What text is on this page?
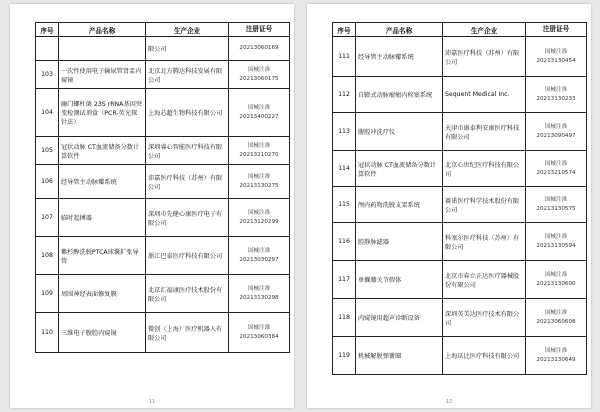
序号	产品名称	生产企业	注册证号
		限公司	20213060169

103	一次性使用电子输尿管肾盂内窥镜	北京北方腾达科技发展有限公司	国械注准
20213060175

104	幽门螺杆菌 23S rRNA基因突变检测试剂盒（PCR-荧光探针法）	上海芯超生物科技有限公司	国械注准
20213400227

105	冠状动脉 CT血流储备分数计算软件	深圳睿心智能医疗科技有限公司	国械注准
20213210270

106	经导管主动脉瓣系统	沛嘉医疗科技（苏州）有限公司	国械注准
20213130275

107	临时起搏器	深圳市先健心康医疗电子有限公司	国械注准
20213120299

108	紫杉醇洗脱PTCA球囊扩张导管	浙江巴泰医疗科技有限公司	国械注准
20213030297

109	周围神经表面修复膜	北京汇福康医疗技术股份有限公司	国械注准
20213130298

110	三维电子腹腔内窥镜	微创（上海）医疗机器人有限公司	国械注准
20213060384
11
序号	产品名称	生产企业	注册证号
111	经导管主动脉瓣系统	沛嘉医疗科技（苏州）有限公司	国械注准
20213130454

112	自膨式动脉瘤瘤内栓塞系统	Sequent Medical Inc.	国械注准
20213130233

113	腹腔冲洗疗仪	天津市康泰利安康医疗科技有限公司	国械注准
20213090497

114	冠状动脉 CT血流储备分数计算软件	北京心世纪医疗科技有限公司	国械注准
20213210574

115	颅内药物洗脱支架系统	赛诺医疗科学技术股份有限公司	国械注准
20213130575

116	腔静脉滤器	科塞尔医疗科技（苏州）有限公司	国械注准
20213130594

117	单髁膝关节假体	北京市春立正达医疗器械股份有限公司	国械注准
20213130600

118	内窥镜用超声诊断设备	深圳英美达医疗技术有限公司	国械注准
20213060608

119	机械解脱弹簧圈	上海沃比医疗科技有限公司	国械注准
20213130649
12
